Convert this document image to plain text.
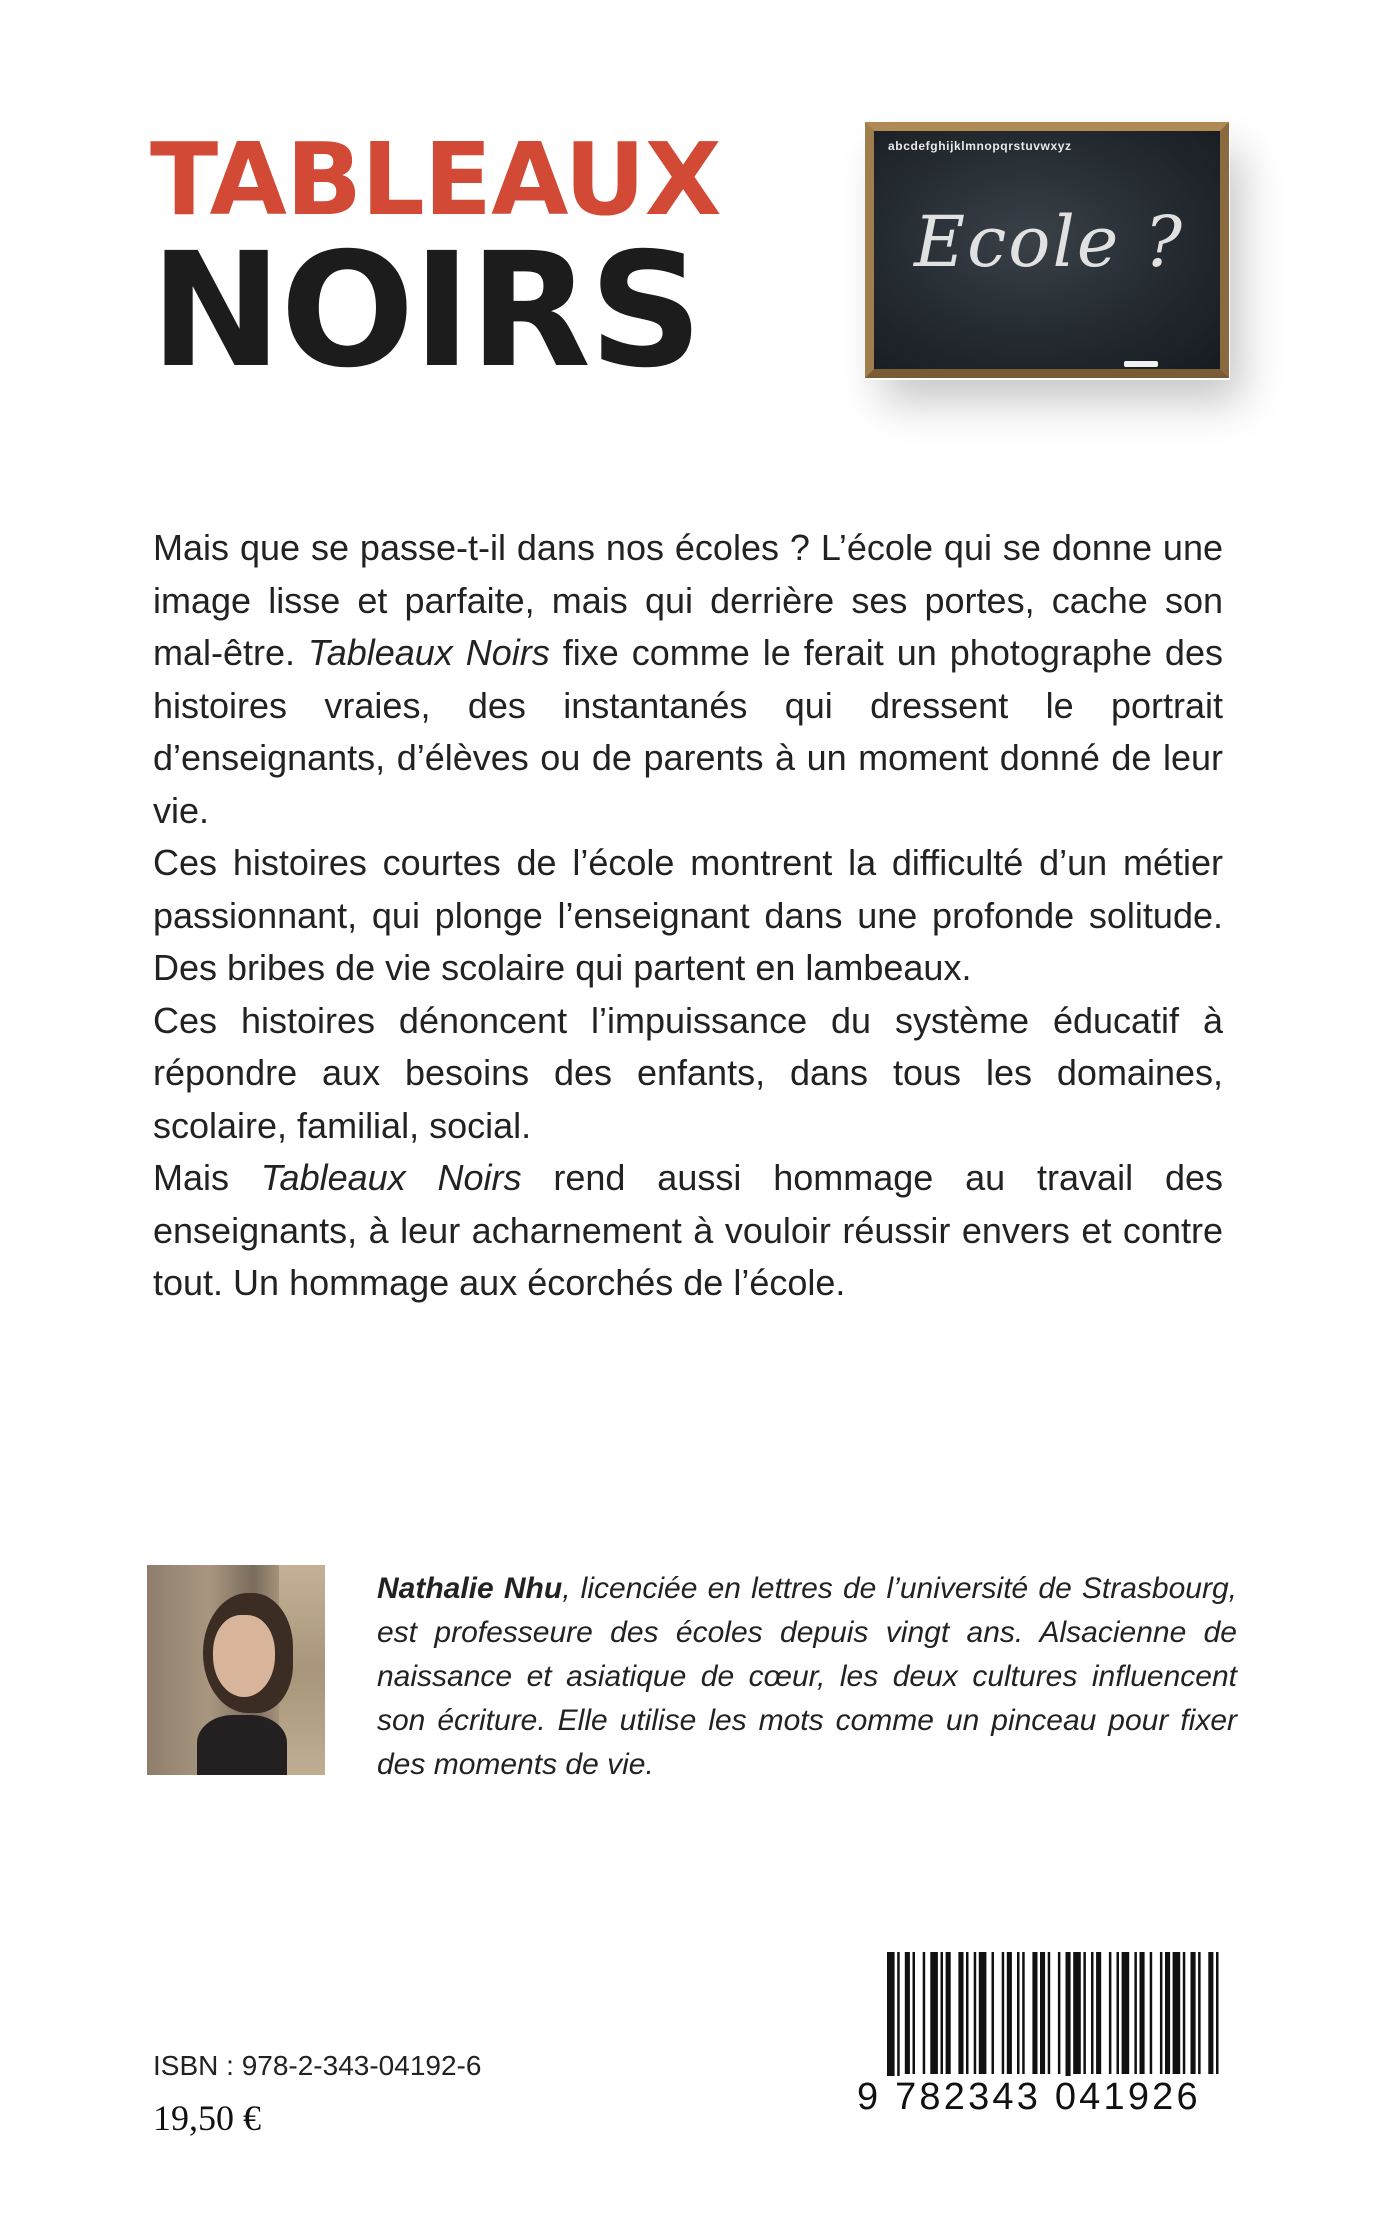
TABLEAUX
NOIRS
abcdefghijklmnopqrstuvwxyz
Ecole ?

Mais que se passe-t-il dans nos écoles ? L’école qui se donne une image lisse et parfaite, mais qui derrière ses portes, cache son mal-être. Tableaux Noirs fixe comme le ferait un photographe des histoires vraies, des instantanés qui dressent le portrait d’enseignants, d’élèves ou de parents à un moment donné de leur vie.

Ces histoires courtes de l’école montrent la difficulté d’un métier passionnant, qui plonge l’enseignant dans une profonde solitude. Des bribes de vie scolaire qui partent en lambeaux.

Ces histoires dénoncent l’impuissance du système éducatif à répondre aux besoins des enfants, dans tous les domaines, scolaire, familial, social.

Mais Tableaux Noirs rend aussi hommage au travail des enseignants, à leur acharnement à vouloir réussir envers et contre tout. Un hommage aux écorchés de l’école.

Nathalie Nhu, licenciée en lettres de l’université de Strasbourg, est professeure des écoles depuis vingt ans. Alsacienne de naissance et asiatique de cœur, les deux cultures influencent son écriture. Elle utilise les mots comme un pinceau pour fixer des moments de vie.
ISBN : 978-2-343-04192-6
19,50 €	9 782343 041926
